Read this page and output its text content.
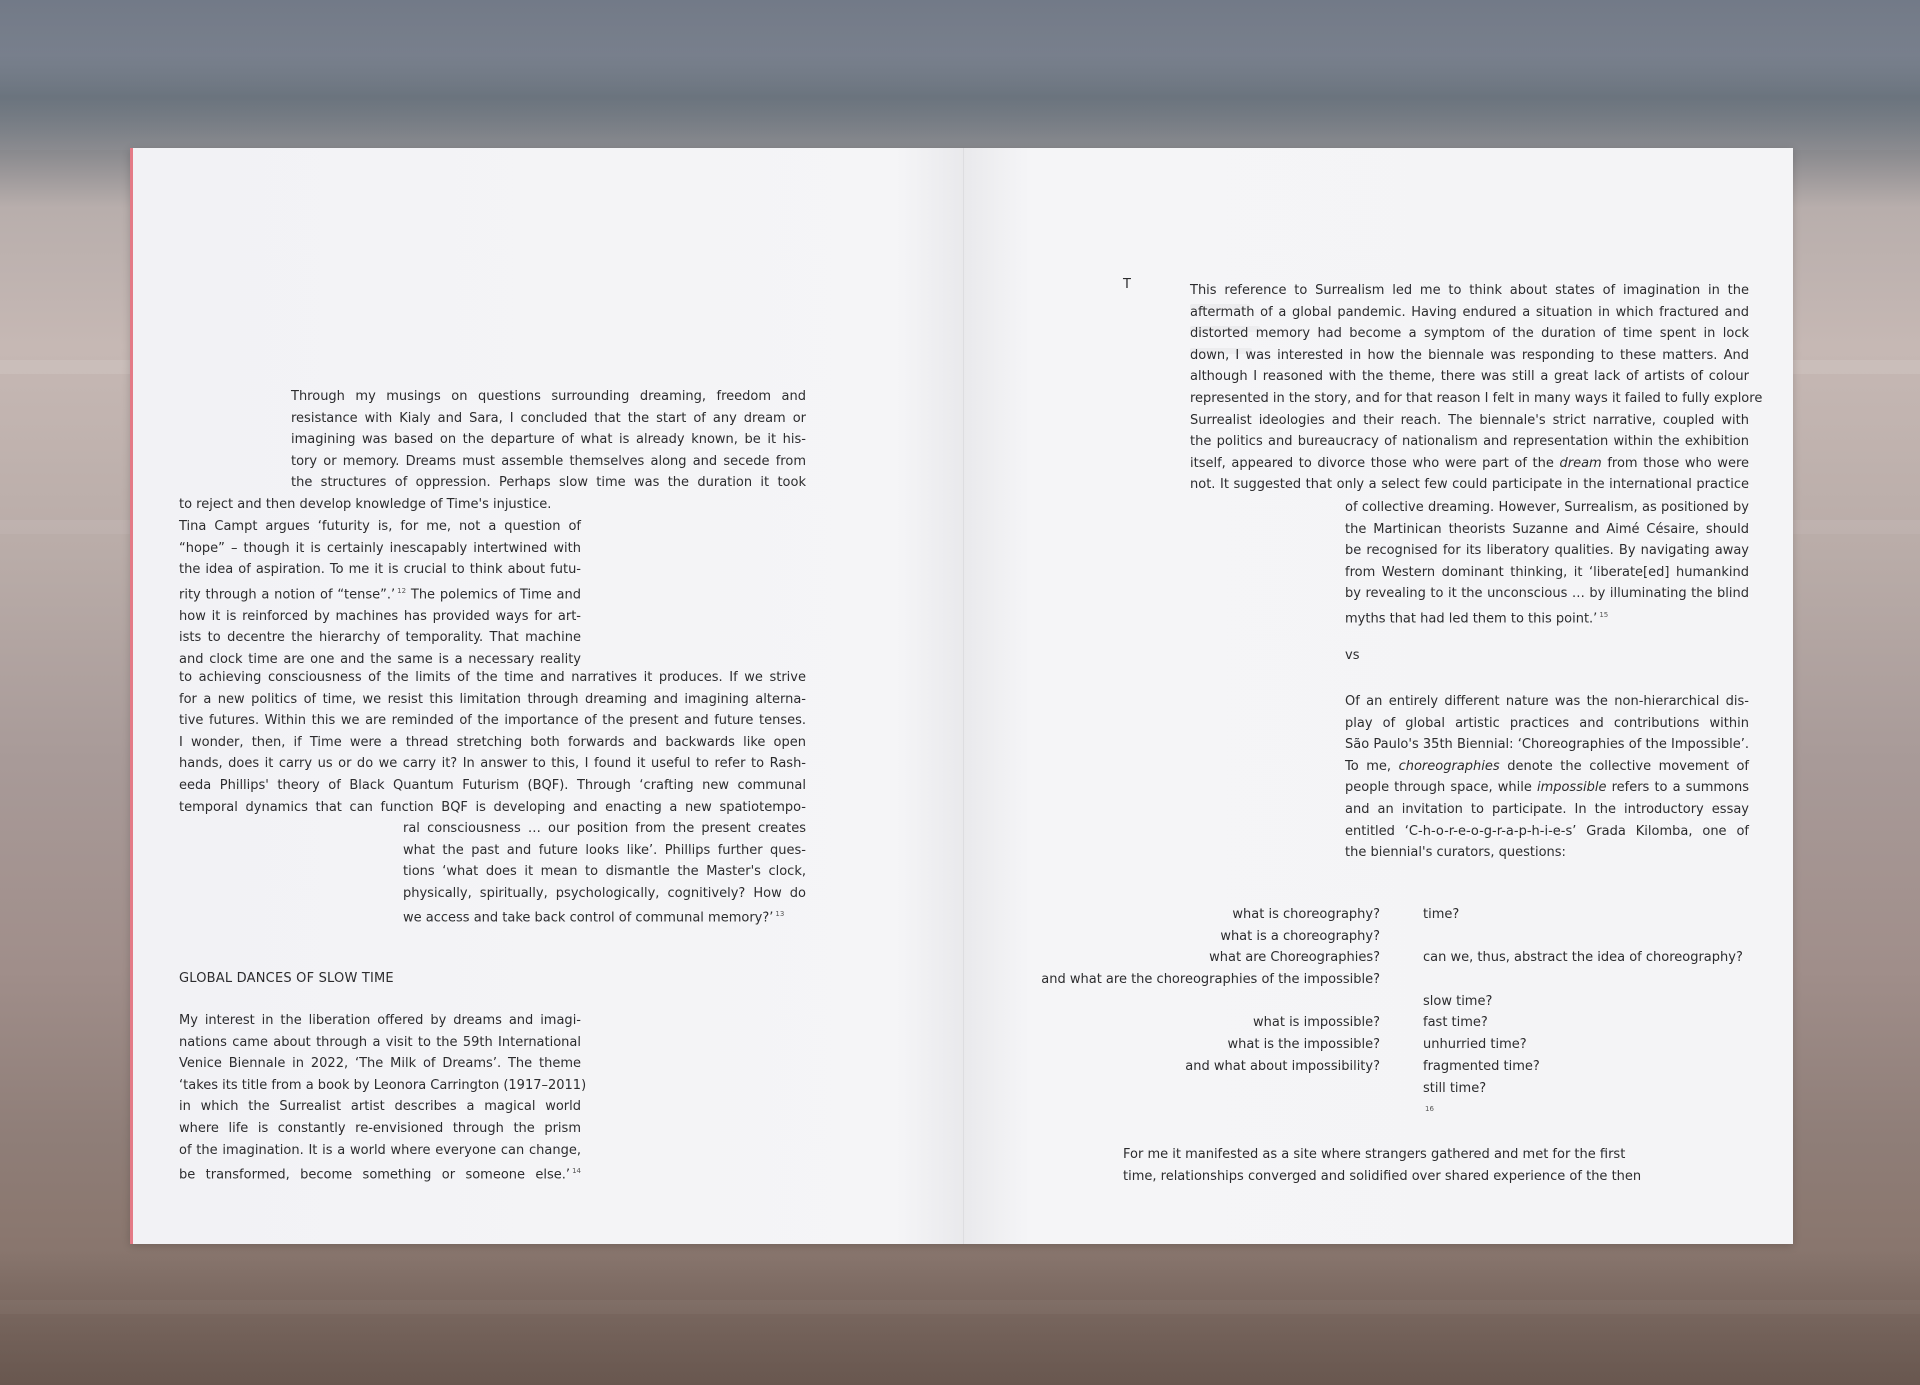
Through my musings on questions surrounding dreaming, freedom and
resistance with Kialy and Sara, I concluded that the start of any dream or
imagining was based on the departure of what is already known, be it his-
tory or memory. Dreams must assemble themselves along and secede from
the structures of oppression. Perhaps slow time was the duration it took
to reject and then develop knowledge of Time's injustice.
Tina Campt argues ‘futurity is, for me, not a question of
“hope” – though it is certainly inescapably intertwined with
the idea of aspiration. To me it is crucial to think about futu-
rity through a notion of “tense”.’ $^{12}$ The polemics of Time and
how it is reinforced by machines has provided ways for art-
ists to decentre the hierarchy of temporality. That machine
and clock time are one and the same is a necessary reality
to achieving consciousness of the limits of the time and narratives it produces. If we strive
for a new politics of time, we resist this limitation through dreaming and imagining alterna-
tive futures. Within this we are reminded of the importance of the present and future tenses.
I wonder, then, if Time were a thread stretching both forwards and backwards like open
hands, does it carry us or do we carry it? In answer to this, I found it useful to refer to Rash-
eeda Phillips' theory of Black Quantum Futurism (BQF). Through ‘crafting new communal
temporal dynamics that can function BQF is developing and enacting a new spatiotempo-
ral consciousness … our position from the present creates
what the past and future looks like’. Phillips further ques-
tions ‘what does it mean to dismantle the Master's clock,
physically, spiritually, psychologically, cognitively? How do
we access and take back control of communal memory?’ $^{13}$
GLOBAL DANCES OF SLOW TIME
My interest in the liberation offered by dreams and imagi-
nations came about through a visit to the 59th International
Venice Biennale in 2022, ‘The Milk of Dreams’. The theme
‘takes its title from a book by Leonora Carrington (1917–2011)
in which the Surrealist artist describes a magical world
where life is constantly re-envisioned through the prism
of the imagination. It is a world where everyone can change,
be transformed, become something or someone else.’ $^{14}$
T	This reference to Surrealism led me to think about states of imagination in the
aftermath of a global pandemic. Having endured a situation in which fractured and
distorted memory had become a symptom of the duration of time spent in lock
down, I was interested in how the biennale was responding to these matters. And
although I reasoned with the theme, there was still a great lack of artists of colour
represented in the story, and for that reason I felt in many ways it failed to fully explore
Surrealist ideologies and their reach. The biennale's strict narrative, coupled with
the politics and bureaucracy of nationalism and representation within the exhibition
itself, appeared to divorce those who were part of the dream from those who were
not. It suggested that only a select few could participate in the international practice
of collective dreaming. However, Surrealism, as positioned by
the Martinican theorists Suzanne and Aimé Césaire, should
be recognised for its liberatory qualities. By navigating away
from Western dominant thinking, it ‘liberate[ed] humankind
by revealing to it the unconscious … by illuminating the blind
myths that had led them to this point.’ $^{15}$
vs
Of an entirely different nature was the non-hierarchical dis-
play of global artistic practices and contributions within
São Paulo's 35th Biennial: ‘Choreographies of the Impossible’.
To me, choreographies denote the collective movement of
people through space, while impossible refers to a summons
and an invitation to participate. In the introductory essay
entitled ‘C-h-o-r-e-o-g-r-a-p-h-i-e-s’ Grada Kilomba, one of
the biennial's curators, questions:
what is choreography?
what is a choreography?
what are Choreographies?
and what are the choreographies of the impossible?
what is impossible?
what is the impossible?
and what about impossibility?
time?
can we, thus, abstract the idea of choreography?
slow time?
fast time?
unhurried time?
fragmented time?
still time?
16
For me it manifested as a site where strangers gathered and met for the first
time, relationships converged and solidified over shared experience of the then
